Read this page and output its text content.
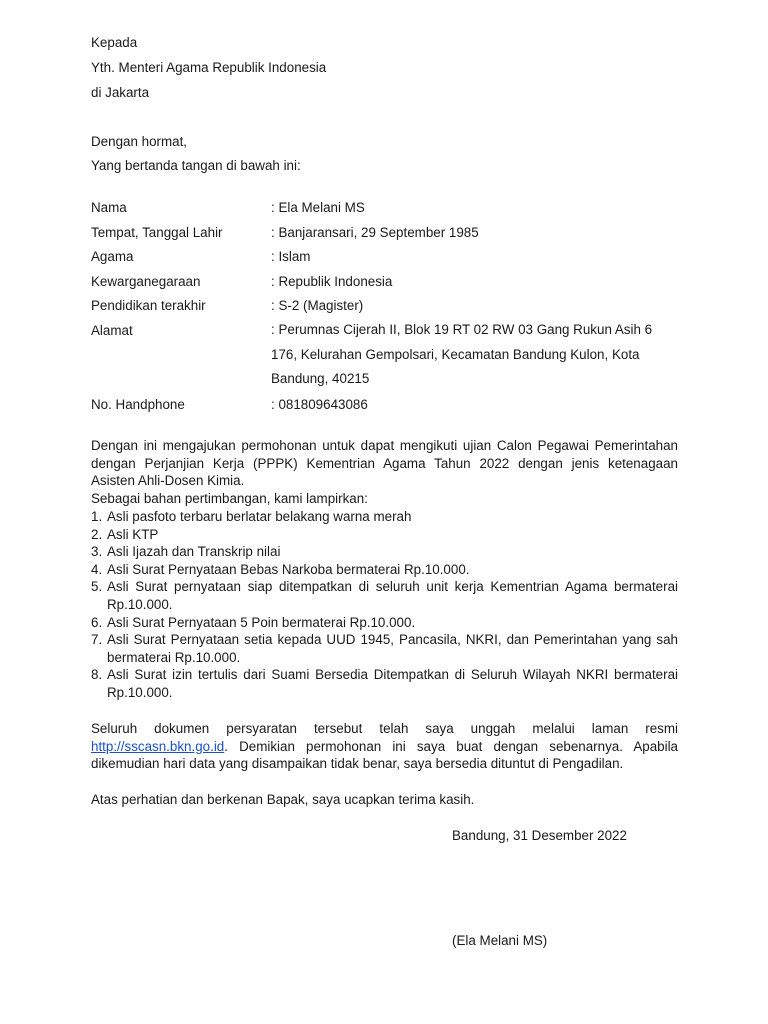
Kepada
Yth. Menteri Agama Republik Indonesia
di Jakarta
Dengan hormat,
Yang bertanda tangan di bawah ini:
Nama	: Ela Melani MS
Tempat, Tanggal Lahir	: Banjaransari, 29 September 1985
Agama	: Islam
Kewarganegaraan	: Republik Indonesia
Pendidikan terakhir	: S-2 (Magister)
Alamat	: Perumnas Cijerah II, Blok 19 RT 02 RW 03 Gang Rukun Asih 6
176, Kelurahan Gempolsari, Kecamatan Bandung Kulon, Kota
Bandung, 40215
No. Handphone	: 081809643086
Dengan ini mengajukan permohonan untuk dapat mengikuti ujian Calon Pegawai Pemerintahan
dengan Perjanjian Kerja (PPPK) Kementrian Agama Tahun 2022 dengan jenis ketenagaan
Asisten Ahli-Dosen Kimia.
Sebagai bahan pertimbangan, kami lampirkan:
1. Asli pasfoto terbaru berlatar belakang warna merah
2. Asli KTP
3. Asli Ijazah dan Transkrip nilai
4. Asli Surat Pernyataan Bebas Narkoba bermaterai Rp.10.000.
5. Asli Surat pernyataan siap ditempatkan di seluruh unit kerja Kementrian Agama bermaterai Rp.10.000.
6. Asli Surat Pernyataan 5 Poin bermaterai Rp.10.000.
7. Asli Surat Pernyataan setia kepada UUD 1945, Pancasila, NKRI, dan Pemerintahan yang sah bermaterai Rp.10.000.
8. Asli Surat izin tertulis dari Suami Bersedia Ditempatkan di Seluruh Wilayah NKRI bermaterai Rp.10.000.

Seluruh dokumen persyaratan tersebut telah saya unggah melalui laman resmi http://sscasn.bkn.go.id. Demikian permohonan ini saya buat dengan sebenarnya. Apabila dikemudian hari data yang disampaikan tidak benar, saya bersedia dituntut di Pengadilan.

Atas perhatian dan berkenan Bapak, saya ucapkan terima kasih.
Bandung, 31 Desember 2022
(Ela Melani MS)
